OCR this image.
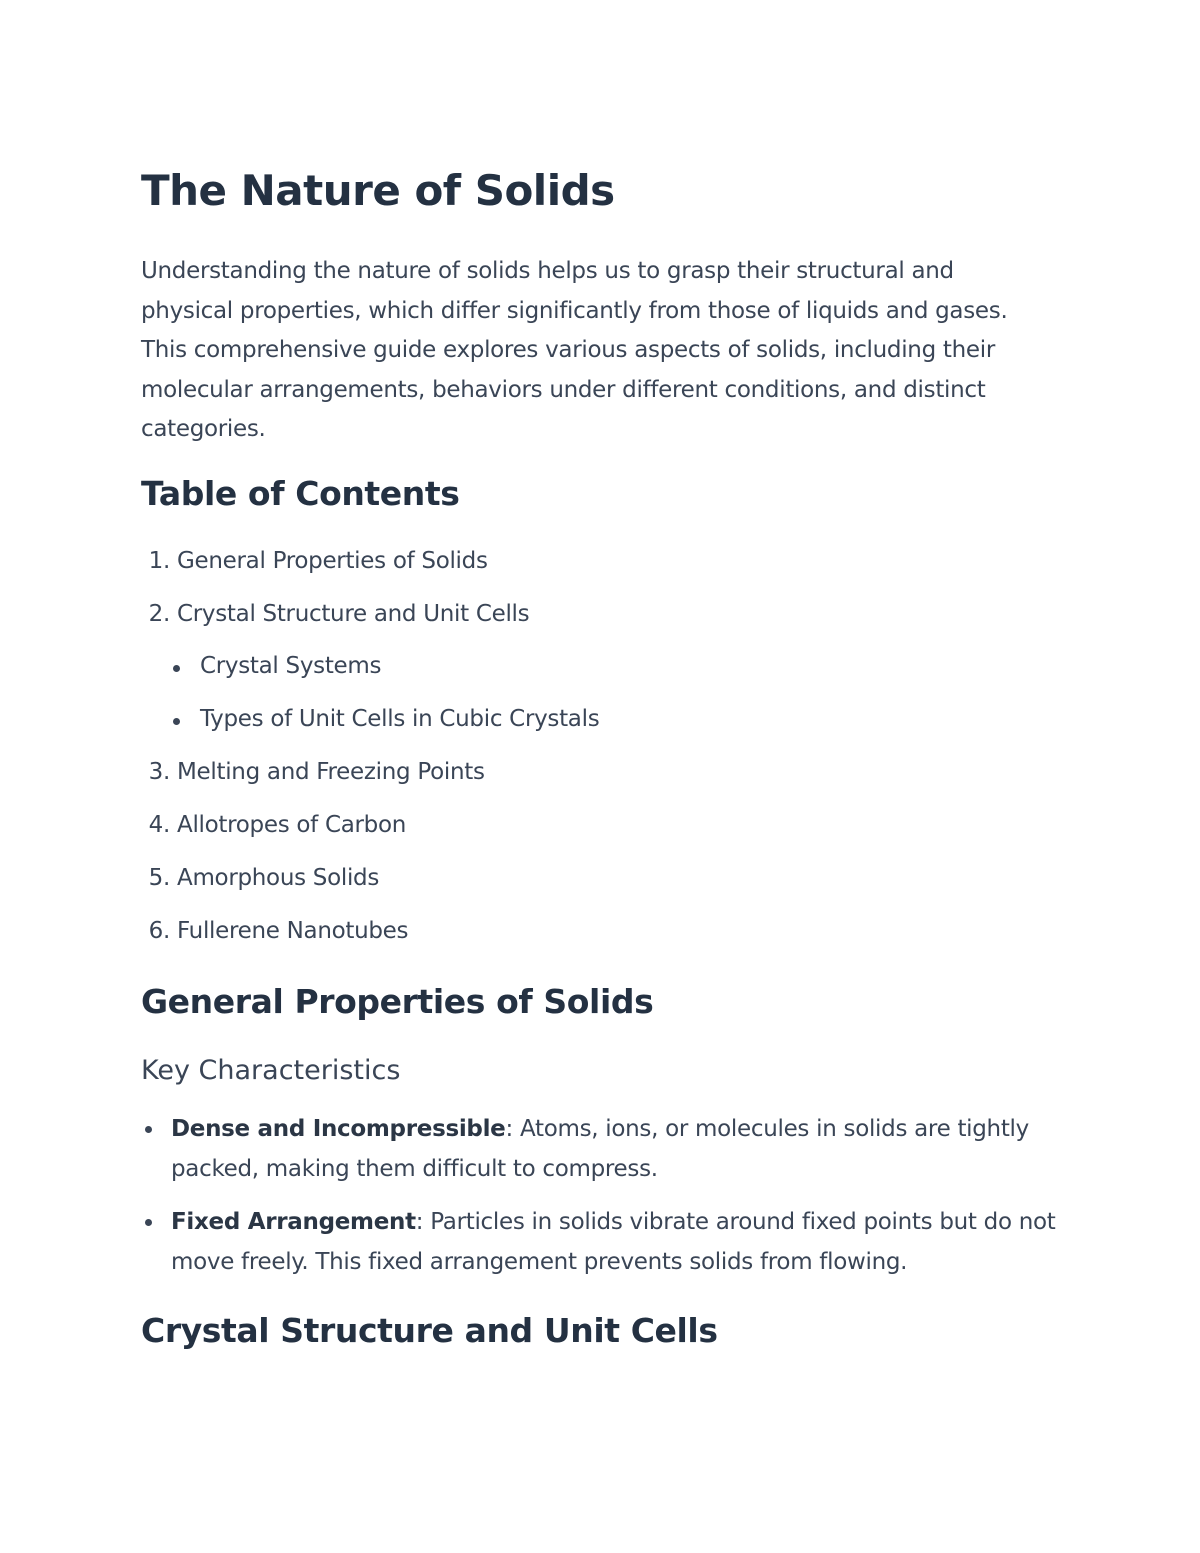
The Nature of Solids

Understanding the nature of solids helps us to grasp their structural and physical properties, which differ significantly from those of liquids and gases. This comprehensive guide explores various aspects of solids, including their molecular arrangements, behaviors under different conditions, and distinct categories.

Table of Contents
1. General Properties of Solids
2. Crystal Structure and Unit Cells
Crystal Systems
Types of Unit Cells in Cubic Crystals
3. Melting and Freezing Points
4. Allotropes of Carbon
5. Amorphous Solids
6. Fullerene Nanotubes
General Properties of Solids
Key Characteristics
Dense and Incompressible: Atoms, ions, or molecules in solids are tightly packed, making them difficult to compress.
Fixed Arrangement: Particles in solids vibrate around fixed points but do not move freely. This fixed arrangement prevents solids from flowing.
Crystal Structure and Unit Cells
